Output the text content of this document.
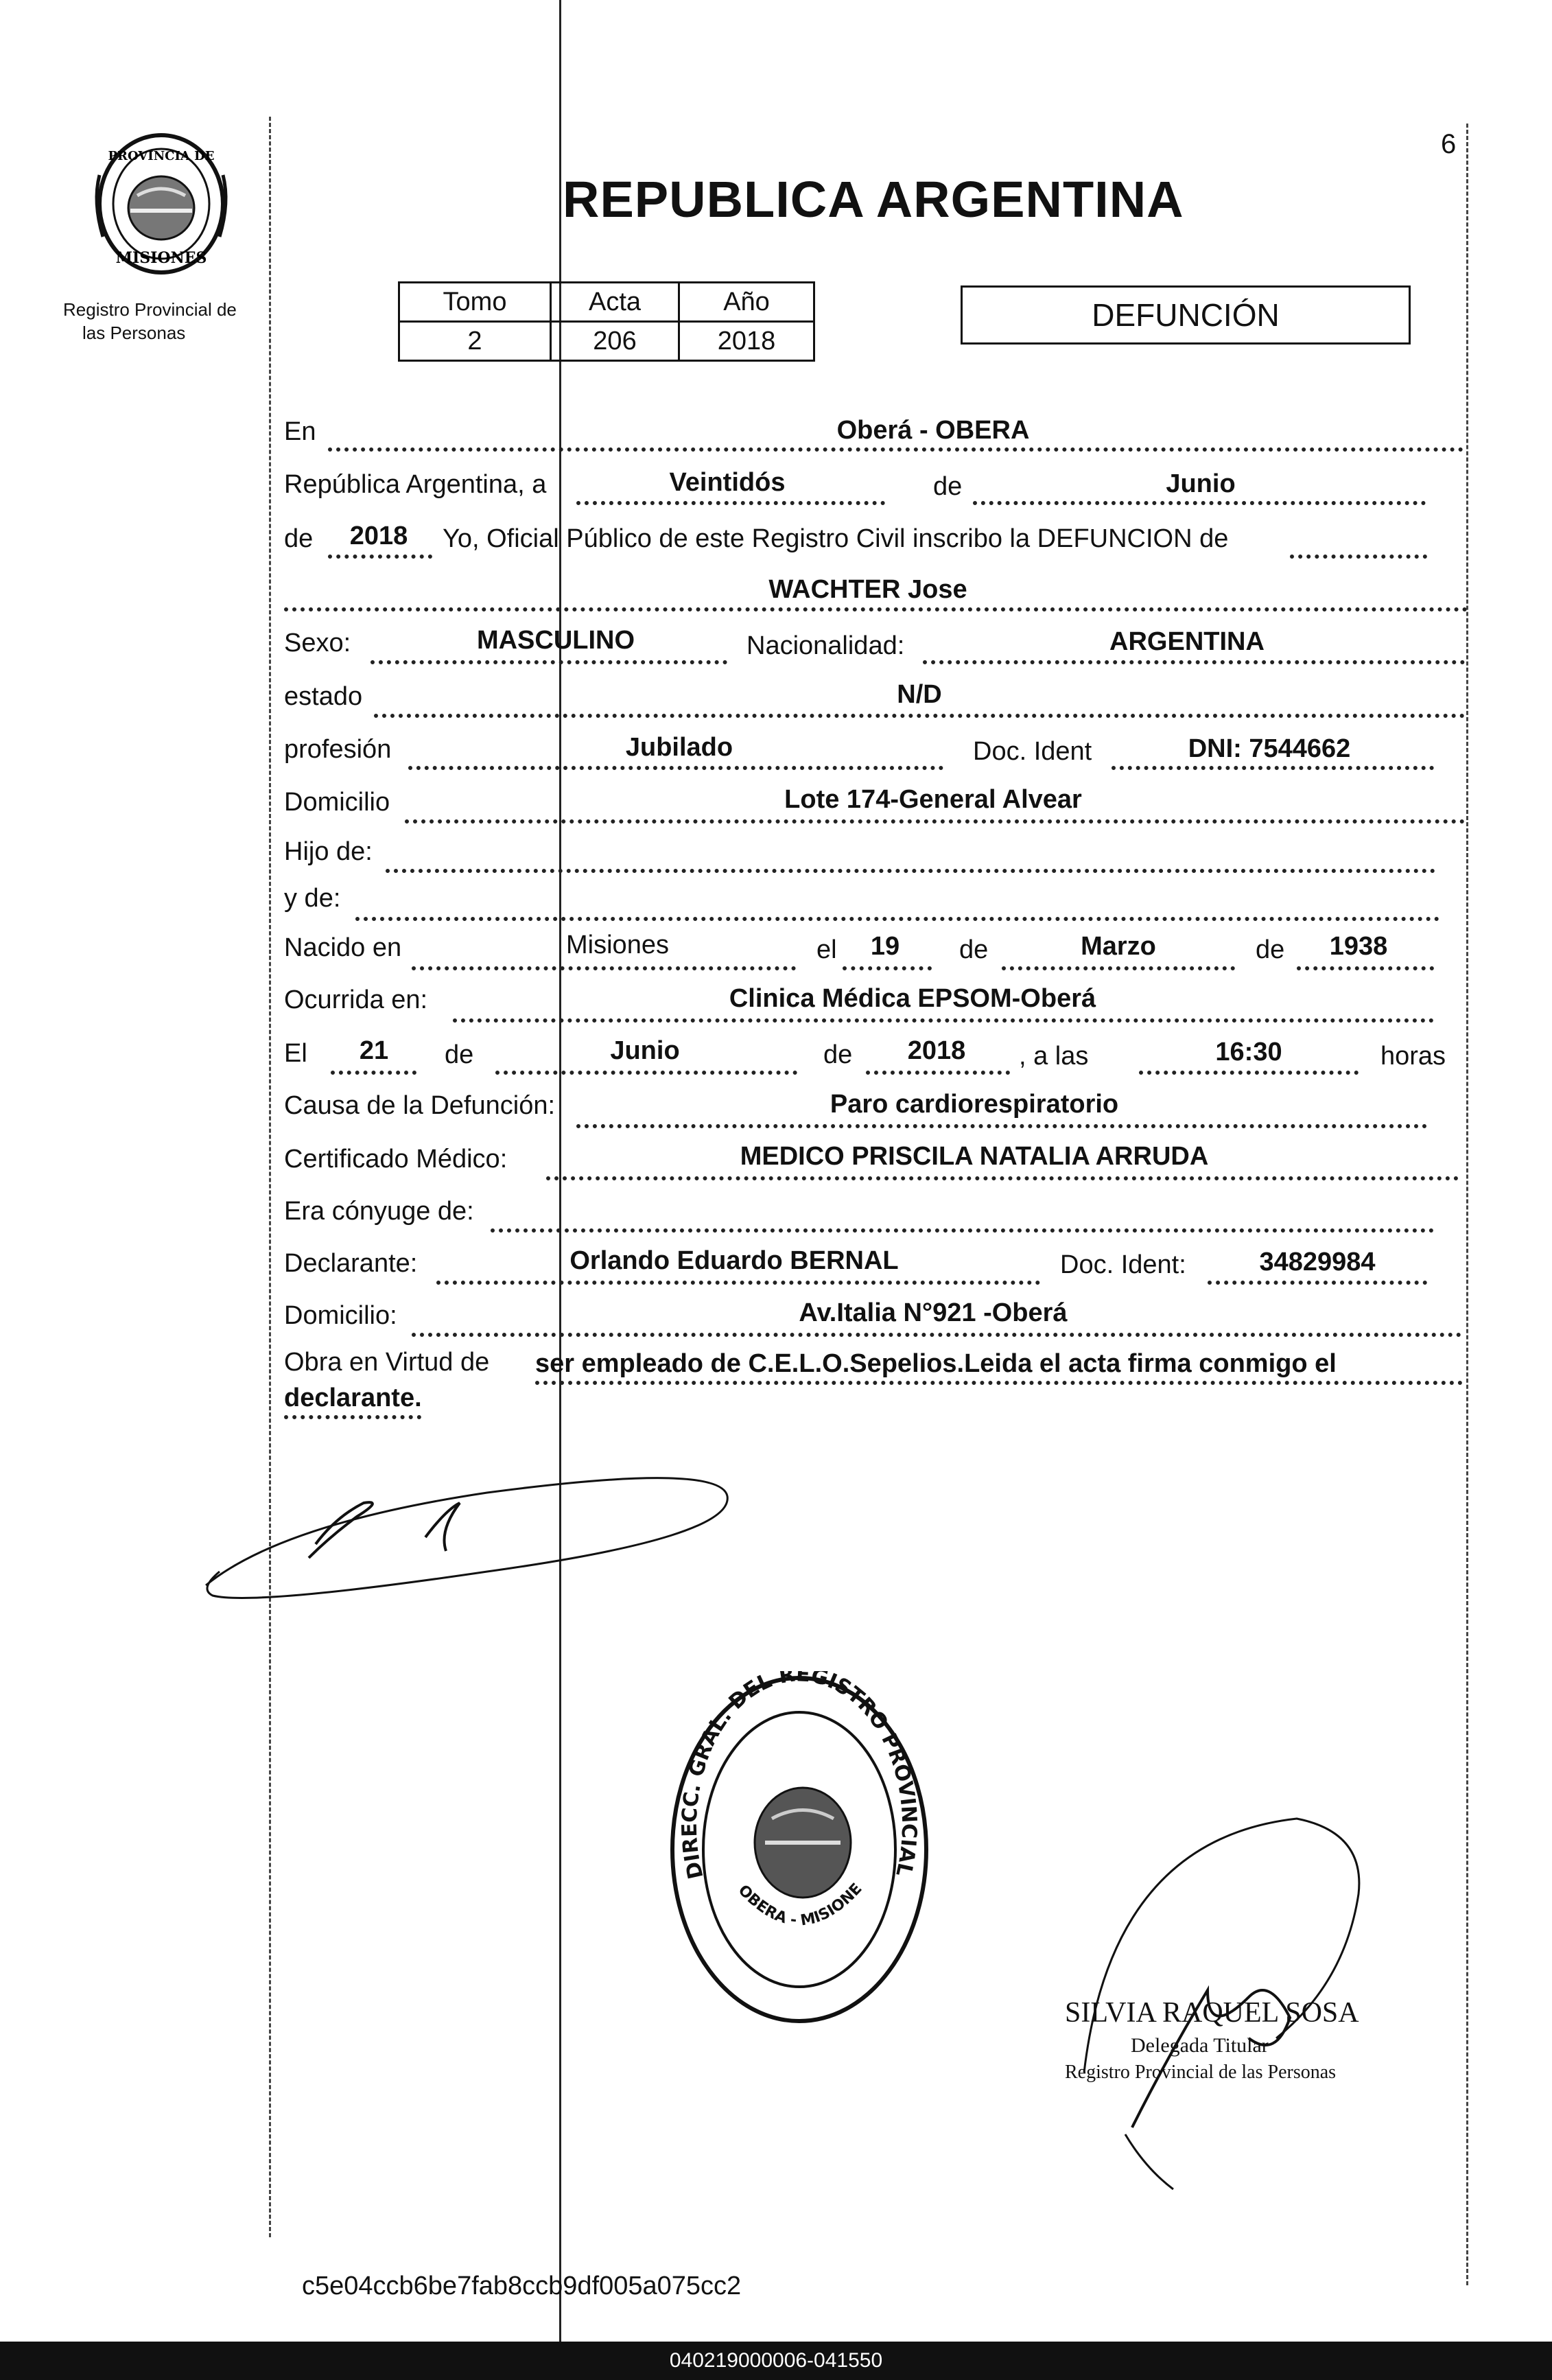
6
PROVINCIA DE
MISIONES
Registro Provincial de
las Personas
REPUBLICA ARGENTINA
Tomo	Acta	Año
2	206	2018
DEFUNCIÓN
En	Oberá - OBERA
República Argentina, a	Veintidós	de	Junio
de	2018	Yo, Oficial Público de este Registro Civil inscribo la DEFUNCION de
WACHTER Jose
Sexo:	MASCULINO	Nacionalidad:	ARGENTINA
estado	N/D
profesión	Jubilado	Doc. Ident	DNI: 7544662
Domicilio	Lote 174-General Alvear
Hijo de:
y de:
Nacido en	Misiones	el	19	de	Marzo	de	1938
Ocurrida en:	Clinica Médica EPSOM-Oberá
El	21	de	Junio	de	2018	, a las	16:30	horas
Causa de la Defunción:	Paro cardiorespiratorio
Certificado Médico:	MEDICO PRISCILA NATALIA ARRUDA
Era cónyuge de:
Declarante:	Orlando Eduardo BERNAL	Doc. Ident:	34829984
Domicilio:	Av.Italia N°921 -Oberá
Obra en Virtud de ser empleado de C.E.L.O.Sepelios.Leida el acta firma conmigo el
declarante.
DIRECC. GRAL. DEL REGISTRO PROVINCIAL
OBERA - MISIONE
SILVIA RAQUEL SOSA
Delegada Titular
Registro Provincial de las Personas
c5e04ccb6be7fab8ccb9df005a075cc2
040219000006-041550
